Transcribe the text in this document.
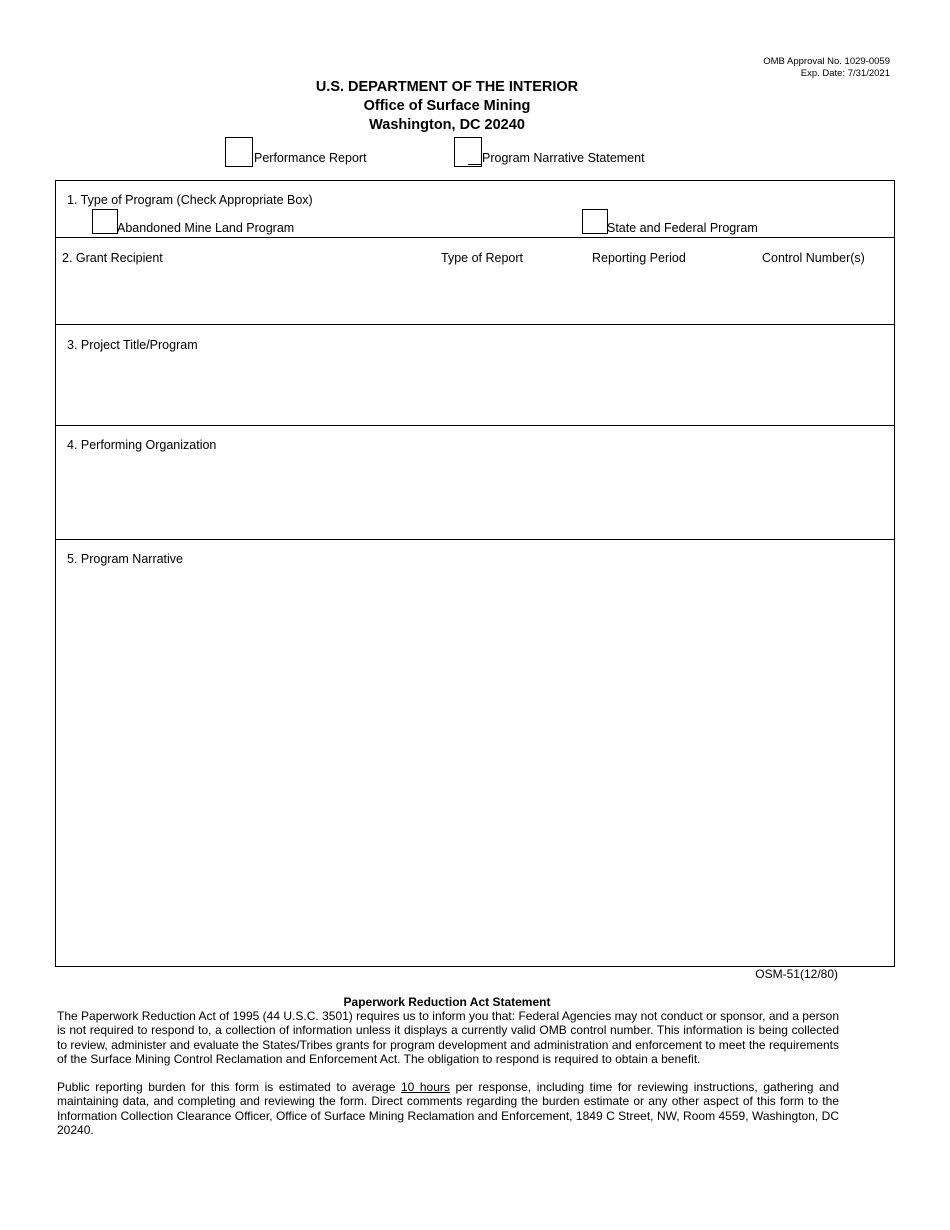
OMB Approval No. 1029-0059
Exp. Date: 7/31/2021
U.S. DEPARTMENT OF THE INTERIOR
Office of Surface Mining
Washington, DC 20240
Performance Report	Program Narrative Statement
1. Type of Program (Check Appropriate Box)
Abandoned Mine Land Program	State and Federal Program
2. Grant Recipient	Type of Report	Reporting Period	Control Number(s)
3. Project Title/Program
4. Performing Organization
5. Program Narrative
OSM-51(12/80)
Paperwork Reduction Act Statement

The Paperwork Reduction Act of 1995 (44 U.S.C. 3501) requires us to inform you that: Federal Agencies may not conduct or sponsor, and a person is not required to respond to, a collection of information unless it displays a currently valid OMB control number. This information is being collected to review, administer and evaluate the States/Tribes grants for program development and administration and enforcement to meet the requirements of the Surface Mining Control Reclamation and Enforcement Act. The obligation to respond is required to obtain a benefit.

Public reporting burden for this form is estimated to average 10 hours per response, including time for reviewing instructions, gathering and maintaining data, and completing and reviewing the form. Direct comments regarding the burden estimate or any other aspect of this form to the Information Collection Clearance Officer, Office of Surface Mining Reclamation and Enforcement, 1849 C Street, NW, Room 4559, Washington, DC 20240.
